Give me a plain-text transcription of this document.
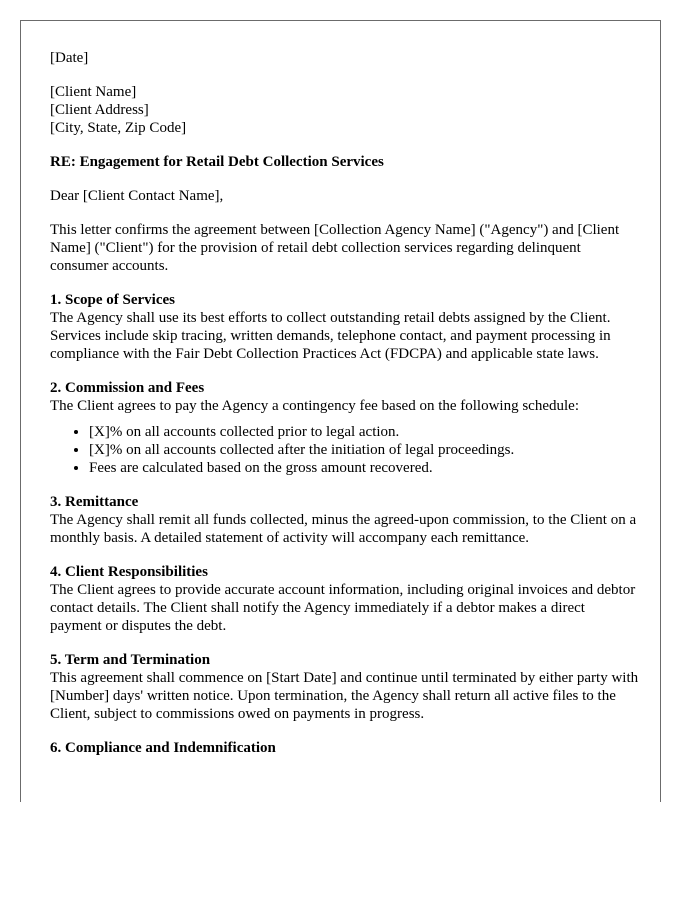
[Date]
[Client Name]
[Client Address]
[City, State, Zip Code]
RE: Engagement for Retail Debt Collection Services
Dear [Client Contact Name],
This letter confirms the agreement between [Collection Agency Name] ("Agency") and [Client Name] ("Client") for the provision of retail debt collection services regarding delinquent consumer accounts.
1. Scope of Services
The Agency shall use its best efforts to collect outstanding retail debts assigned by the Client. Services include skip tracing, written demands, telephone contact, and payment processing in compliance with the Fair Debt Collection Practices Act (FDCPA) and applicable state laws.
2. Commission and Fees
The Client agrees to pay the Agency a contingency fee based on the following schedule:
• [X]% on all accounts collected prior to legal action.
• [X]% on all accounts collected after the initiation of legal proceedings.
• Fees are calculated based on the gross amount recovered.
3. Remittance
The Agency shall remit all funds collected, minus the agreed-upon commission, to the Client on a monthly basis. A detailed statement of activity will accompany each remittance.
4. Client Responsibilities
The Client agrees to provide accurate account information, including original invoices and debtor contact details. The Client shall notify the Agency immediately if a debtor makes a direct payment or disputes the debt.
5. Term and Termination
This agreement shall commence on [Start Date] and continue until terminated by either party with [Number] days' written notice. Upon termination, the Agency shall return all active files to the Client, subject to commissions owed on payments in progress.
6. Compliance and Indemnification
